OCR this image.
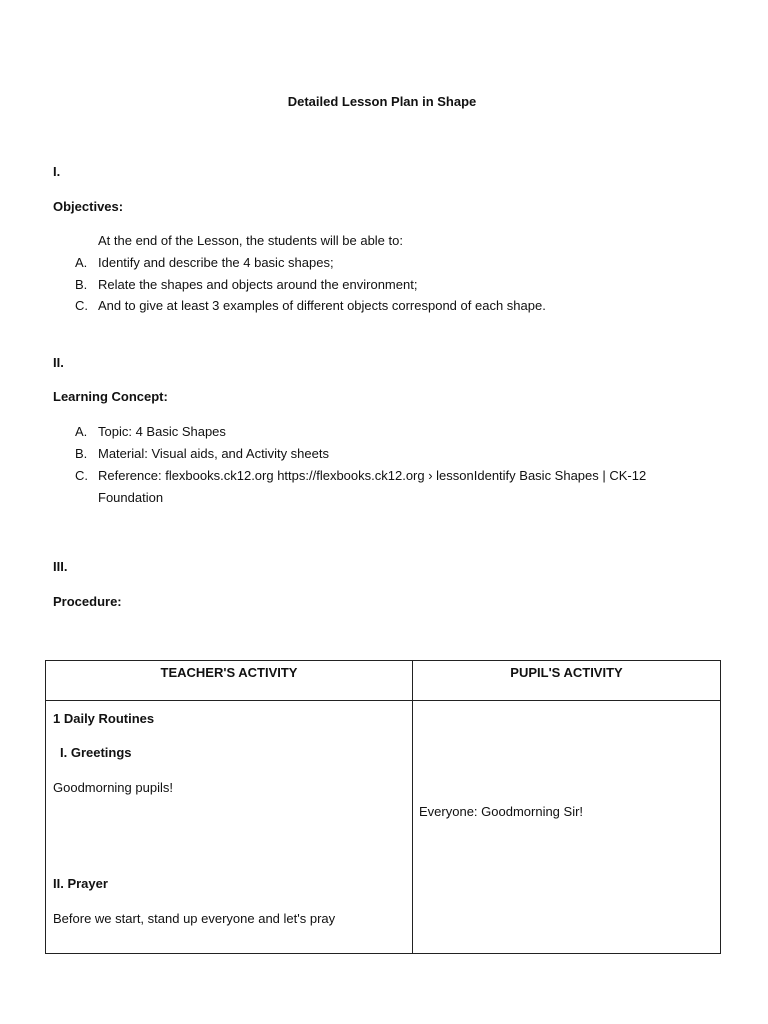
Detailed Lesson Plan in Shape
I.
Objectives:
At the end of the Lesson, the students will be able to:
A. Identify and describe the 4 basic shapes;
B. Relate the shapes and objects around the environment;
C. And to give at least 3 examples of different objects correspond of each shape.
II.
Learning Concept:
A. Topic: 4 Basic Shapes
B. Material: Visual aids, and Activity sheets
C. Reference: flexbooks.ck12.org https://flexbooks.ck12.org › lessonIdentify Basic Shapes | CK-12
Foundation
III.
Procedure:
TEACHER'S ACTIVITY	PUPIL'S ACTIVITY

1 Daily Routines
I. Greetings
Goodmorning pupils!
II. Prayer
Before we start, stand up everyone and let's pray	Everyone: Goodmorning Sir!
